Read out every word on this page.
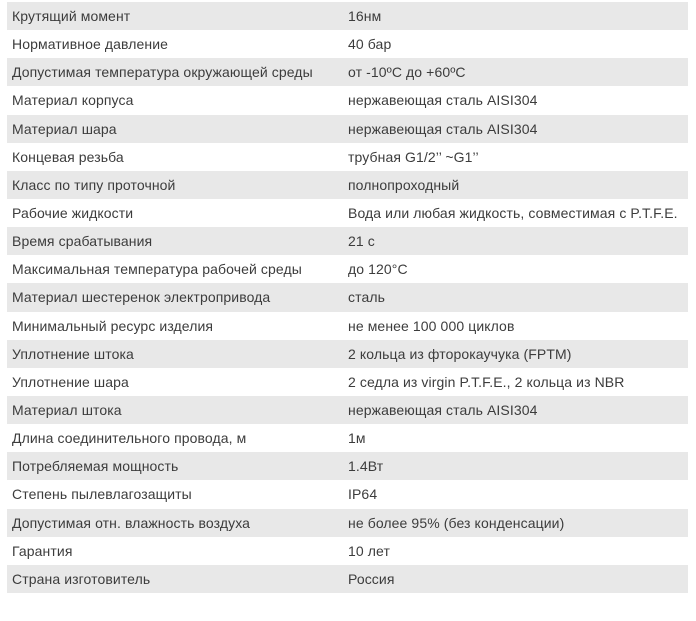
Крутящий момент	16нм
Нормативное давление	40 бар
Допустимая температура окружающей среды	от -10ºС до +60ºС
Материал корпуса	нержавеющая сталь AISI304
Материал шара	нержавеющая сталь AISI304
Концевая резьба	трубная G1/2’’ ~G1’’
Класс по типу проточной	полнопроходный
Рабочие жидкости	Вода или любая жидкость, совместимая с P.T.F.E.
Время срабатывания	21 с
Максимальная температура рабочей среды	до 120°С
Материал шестеренок электропривода	сталь
Минимальный ресурс изделия	не менее 100 000 циклов
Уплотнение штока	2 кольца из фторокаучука (FPTM)
Уплотнение шара	2 седла из virgin P.T.F.E., 2 кольца из NBR
Материал штока	нержавеющая сталь AISI304
Длина соединительного провода, м	1м
Потребляемая мощность	1.4Вт
Степень пылевлагозащиты	IP64
Допустимая отн. влажность воздуха	не более 95% (без конденсации)
Гарантия	10 лет
Страна изготовитель	Россия
